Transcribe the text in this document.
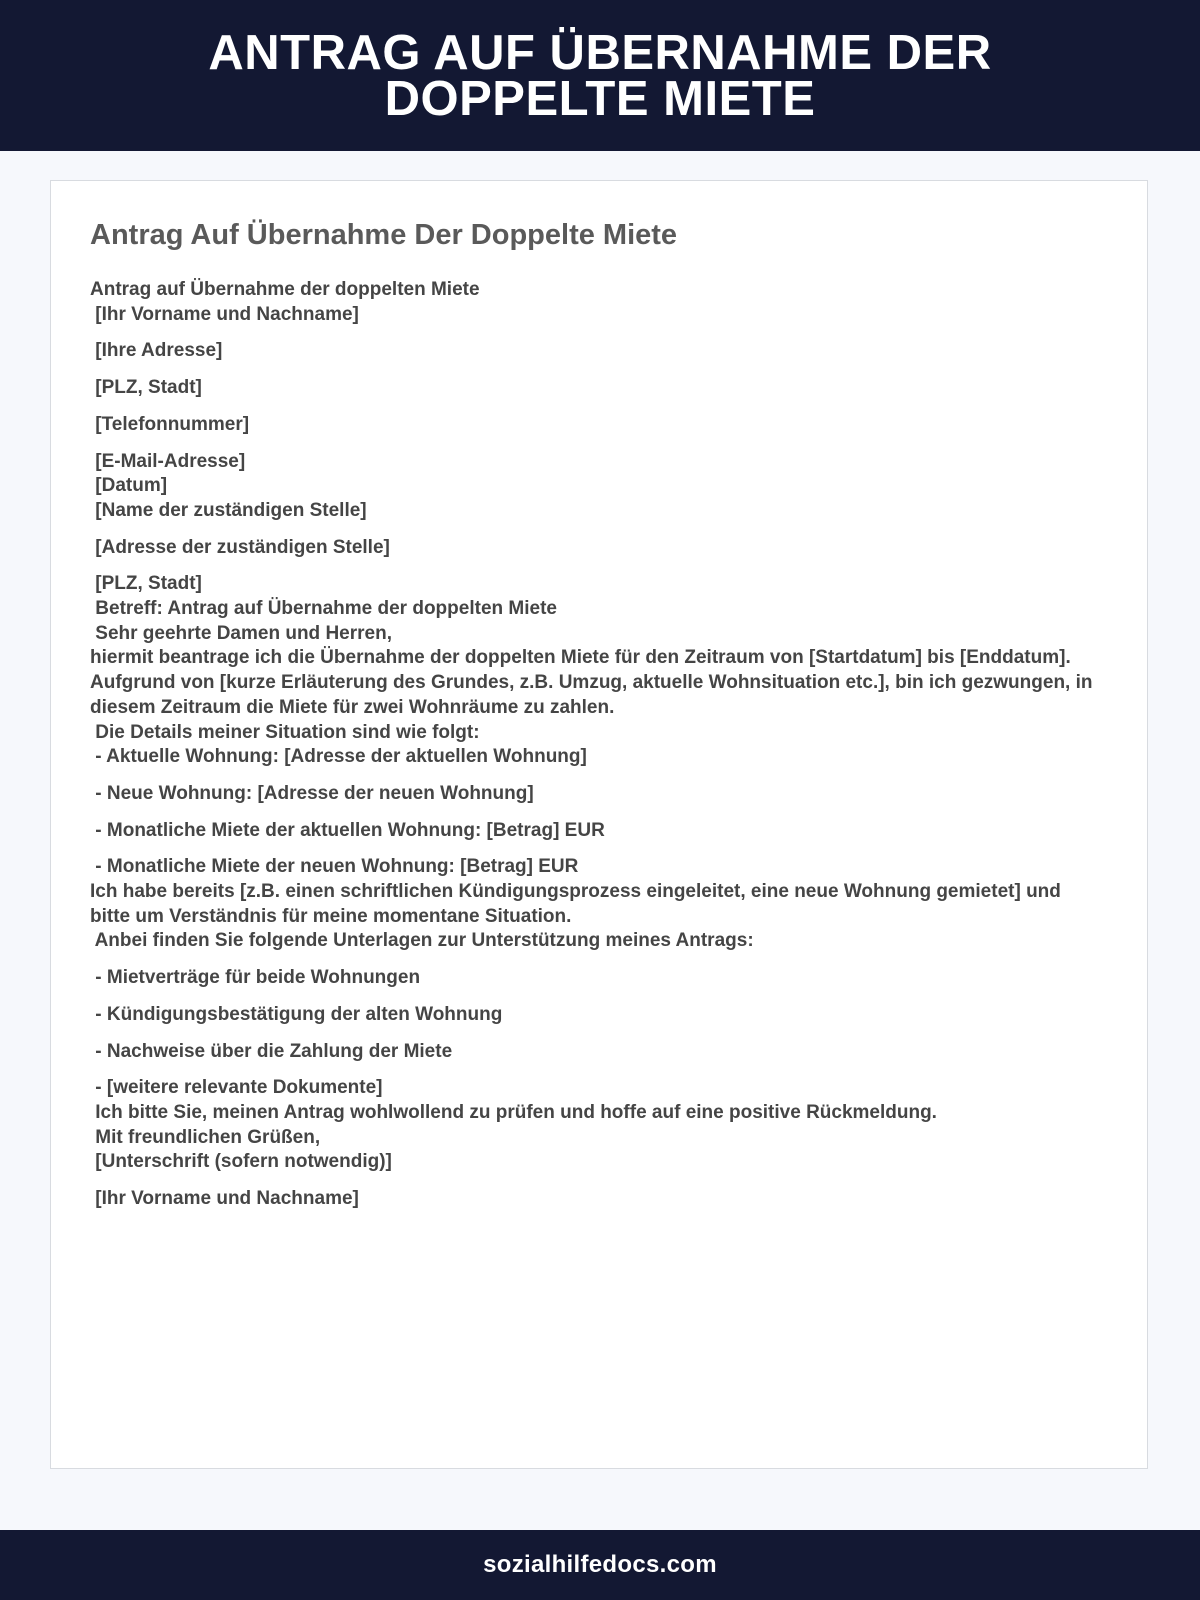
ANTRAG AUF ÜBERNAHME DER DOPPELTE MIETE
Antrag Auf Übernahme Der Doppelte Miete
Antrag auf Übernahme der doppelten Miete
[Ihr Vorname und Nachname]
[Ihre Adresse]
[PLZ, Stadt]
[Telefonnummer]
[E-Mail-Adresse]
[Datum]
[Name der zuständigen Stelle]
[Adresse der zuständigen Stelle]
[PLZ, Stadt]
Betreff: Antrag auf Übernahme der doppelten Miete
Sehr geehrte Damen und Herren,
hiermit beantrage ich die Übernahme der doppelten Miete für den Zeitraum von [Startdatum] bis [Enddatum]. Aufgrund von [kurze Erläuterung des Grundes, z.B. Umzug, aktuelle Wohnsituation etc.], bin ich gezwungen, in diesem Zeitraum die Miete für zwei Wohnräume zu zahlen.
Die Details meiner Situation sind wie folgt:
- Aktuelle Wohnung: [Adresse der aktuellen Wohnung]
- Neue Wohnung: [Adresse der neuen Wohnung]
- Monatliche Miete der aktuellen Wohnung: [Betrag] EUR
- Monatliche Miete der neuen Wohnung: [Betrag] EUR
Ich habe bereits [z.B. einen schriftlichen Kündigungsprozess eingeleitet, eine neue Wohnung gemietet] und bitte um Verständnis für meine momentane Situation.
Anbei finden Sie folgende Unterlagen zur Unterstützung meines Antrags:
- Mietverträge für beide Wohnungen
- Kündigungsbestätigung der alten Wohnung
- Nachweise über die Zahlung der Miete
- [weitere relevante Dokumente]
Ich bitte Sie, meinen Antrag wohlwollend zu prüfen und hoffe auf eine positive Rückmeldung.
Mit freundlichen Grüßen,
[Unterschrift (sofern notwendig)]
[Ihr Vorname und Nachname]
sozialhilfedocs.com
